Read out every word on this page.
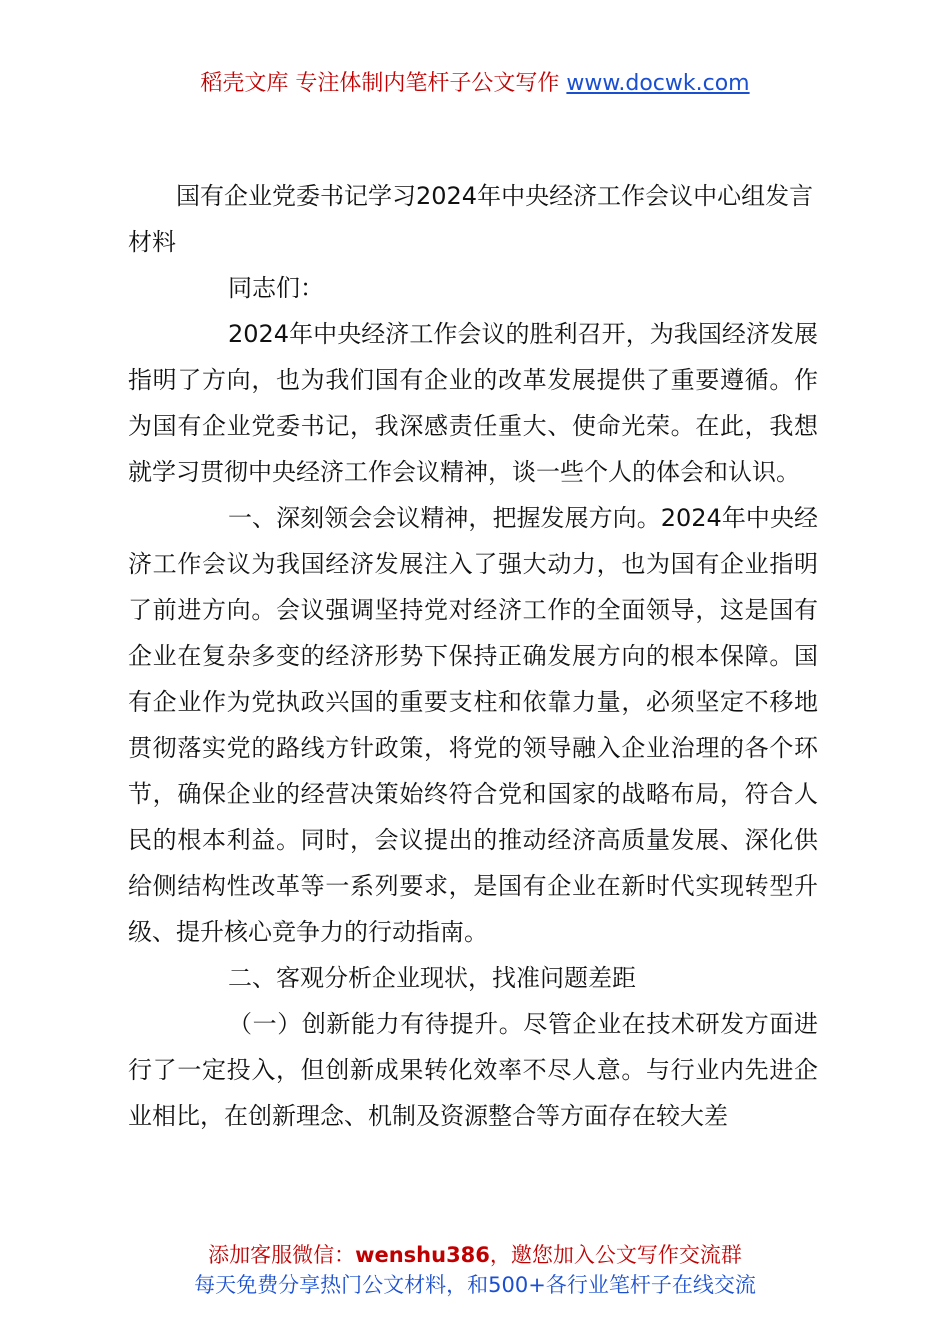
稻壳文库 专注体制内笔杆子公文写作 www.docwk.com
国有企业党委书记学习2024年中央经济工作会议中心组发言材料

同志们：

2024年中央经济工作会议的胜利召开，为我国经济发展指明了方向，也为我们国有企业的改革发展提供了重要遵循。作为国有企业党委书记，我深感责任重大、使命光荣。在此，我想就学习贯彻中央经济工作会议精神，谈一些个人的体会和认识。

一、深刻领会会议精神，把握发展方向。2024年中央经济工作会议为我国经济发展注入了强大动力，也为国有企业指明了前进方向。会议强调坚持党对经济工作的全面领导，这是国有企业在复杂多变的经济形势下保持正确发展方向的根本保障。国有企业作为党执政兴国的重要支柱和依靠力量，必须坚定不移地贯彻落实党的路线方针政策，将党的领导融入企业治理的各个环节，确保企业的经营决策始终符合党和国家的战略布局，符合人民的根本利益。同时，会议提出的推动经济高质量发展、深化供给侧结构性改革等一系列要求，是国有企业在新时代实现转型升级、提升核心竞争力的行动指南。

二、客观分析企业现状，找准问题差距

（一）创新能力有待提升。尽管企业在技术研发方面进行了一定投入，但创新成果转化效率不尽人意。与行业内先进企业相比，在创新理念、机制及资源整合等方面存在较大差

添加客服微信：wenshu386，邀您加入公文写作交流群
每天免费分享热门公文材料，和500+各行业笔杆子在线交流
